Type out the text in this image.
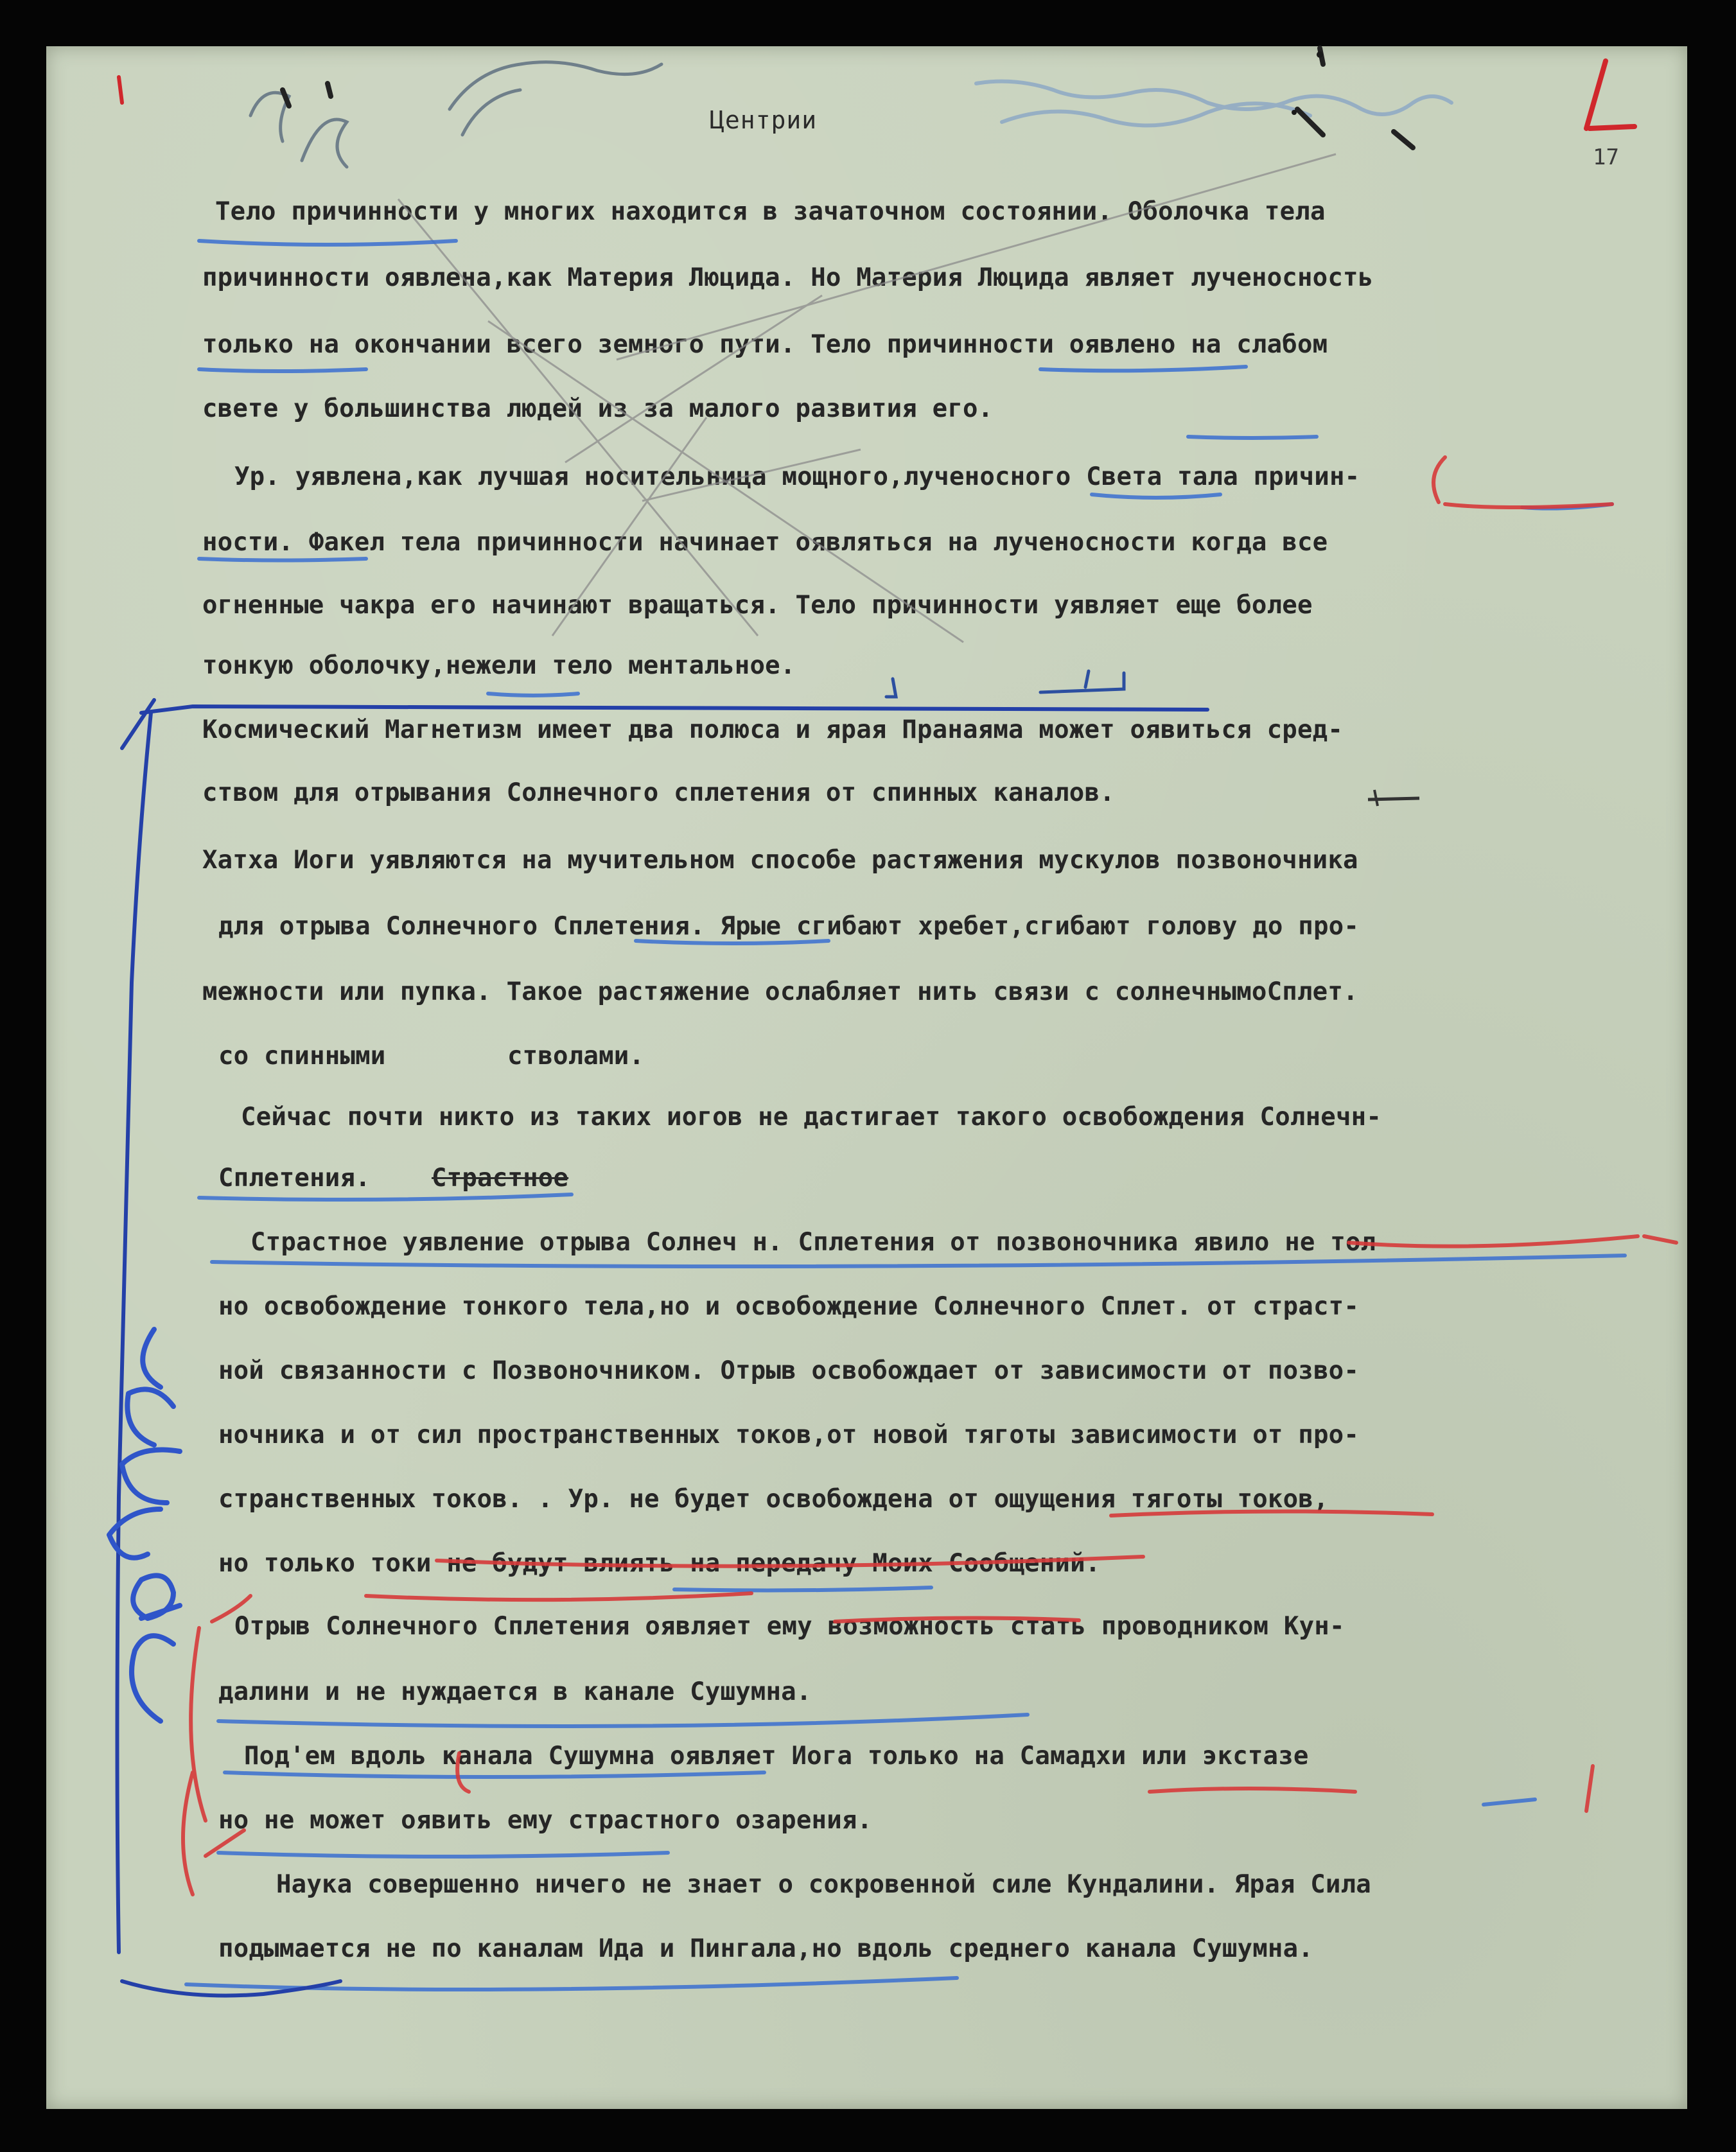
Центрии
17
Тело причинности у многих находится в зачаточном состоянии. Оболочка тела
причинности оявлена,как Материя Люцида. Но Материя Люцида являет лученосность
только на окончании всего земного пути. Тело причинности оявлено на слабом
свете у большинства людей из за малого развития его.
Ур. уявлена,как лучшая носительница мощного,лученосного Света тала причин-
ности. Факел тела причинности начинает оявляться на лученосности когда все
огненные чакра его начинают вращаться. Тело причинности уявляет еще более
тонкую оболочку,нежели тело ментальное.
Космический Магнетизм имеет два полюса и ярая Пранаяма может оявиться сред-
ством для отрывания Солнечного сплетения от спинных каналов.
Хатха Иоги уявляются на мучительном способе растяжения мускулов позвоночника
для отрыва Солнечного Сплетения. Ярые сгибают хребет,сгибают голову до про-
межности или пупка. Такое растяжение ослабляет нить связи с солнечнымоСплет.
со спинными	стволами.
Сейчас почти никто из таких иогов не дастигает такого освобождения Солнечн-
Сплетения. Страстное
Страстное уявление отрыва Солнеч н. Сплетения от позвоночника явило не тол
но освобождение тонкого тела,но и освобождение Солнечного Сплет. от страст-
ной связанности с Позвоночником. Отрыв освобождает от зависимости от позво-
ночника и от сил пространственных токов,от новой тяготы зависимости от про-
странственных токов. . Ур. не будет освобождена от ощущения тяготы токов,
но только токи не будут влиять на передачу Моих Сообщений.
Отрыв Солнечного Сплетения оявляет ему возможность стать проводником Кун-
далини и не нуждается в канале Сушумна.
Под'ем вдоль канала Сушумна оявляет Иога только на Самадхи или экстазе
но не может оявить ему страстного озарения.
Наука совершенно ничего не знает о сокровенной силе Кундалини. Ярая Сила
подымается не по каналам Ида и Пингала,но вдоль среднего канала Сушумна.
